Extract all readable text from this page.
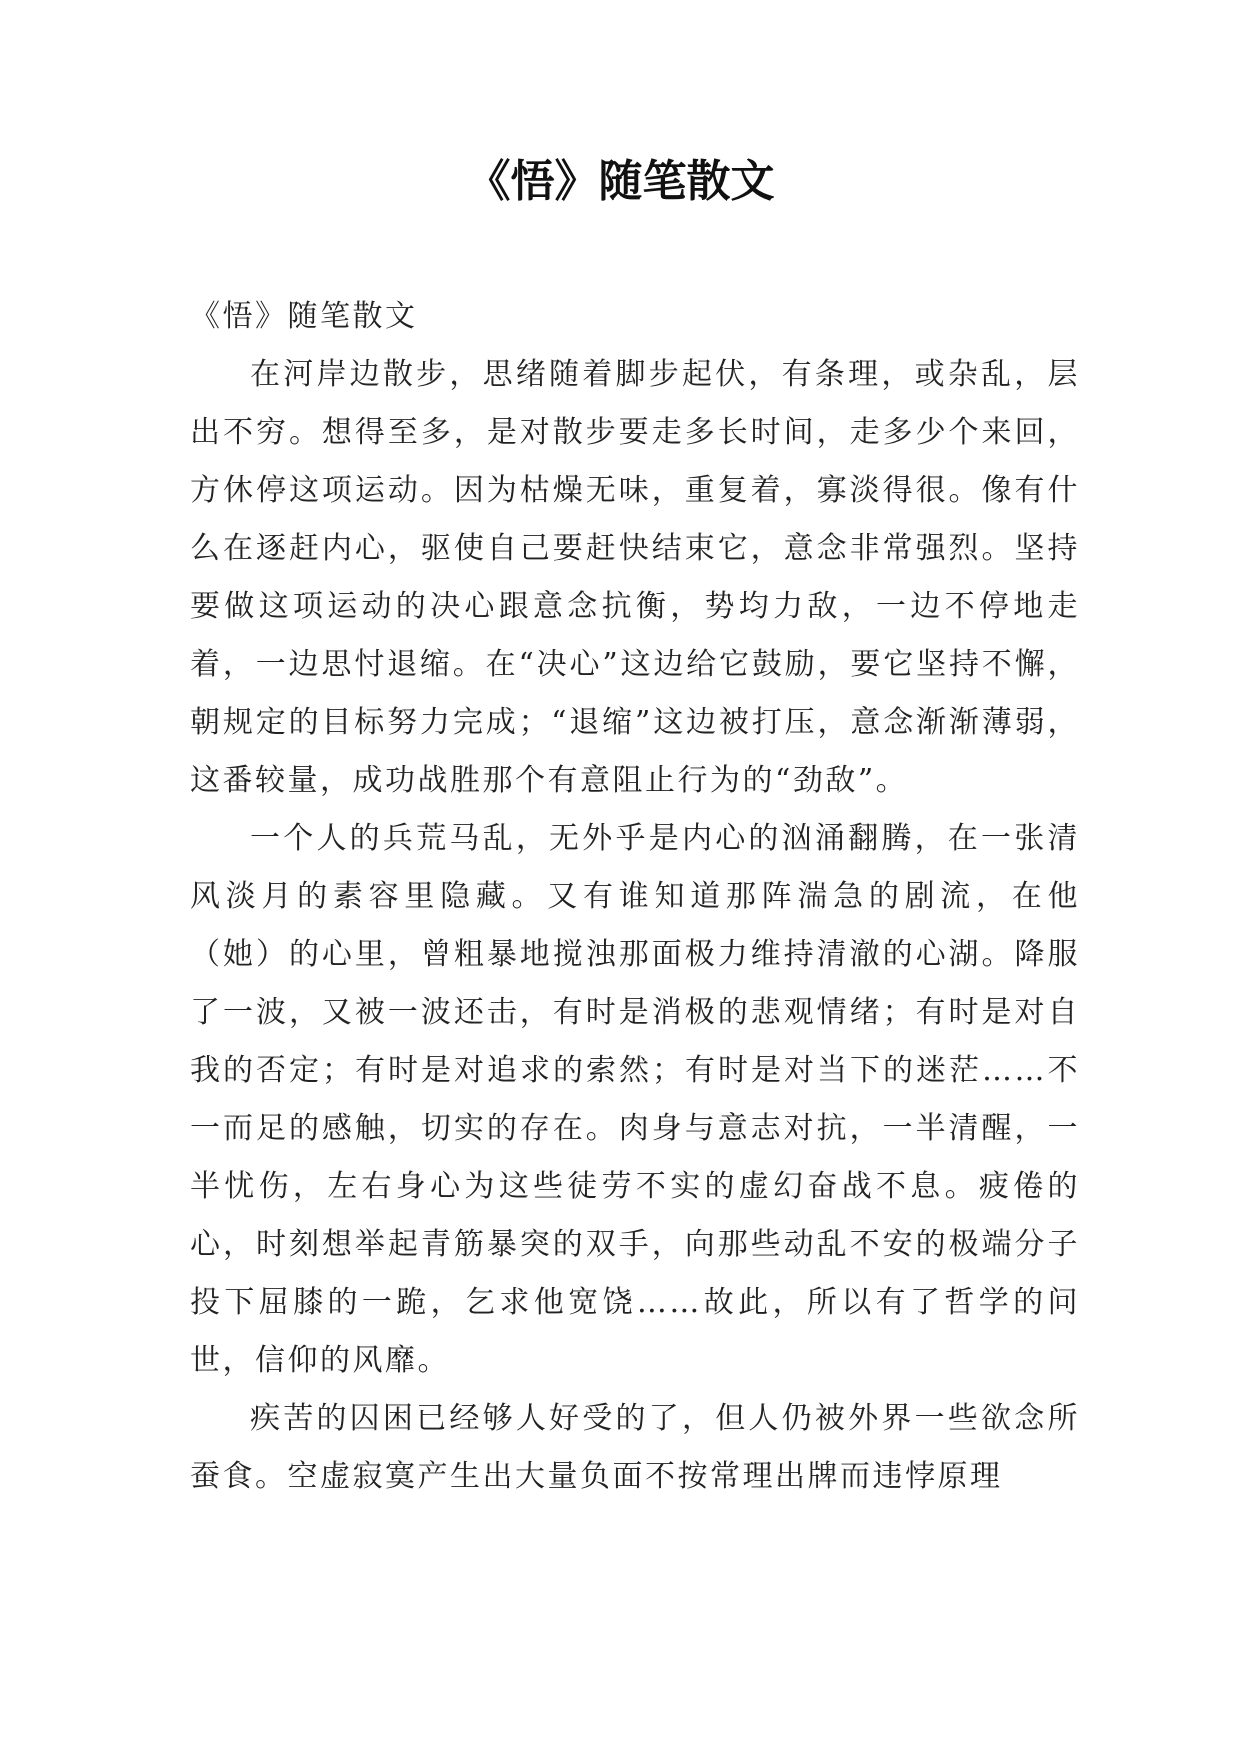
《悟》随笔散文

《悟》随笔散文

在河岸边散步，思绪随着脚步起伏，有条理，或杂乱，层出不穷。想得至多，是对散步要走多长时间，走多少个来回，方休停这项运动。因为枯燥无味，重复着，寡淡得很。像有什么在逐赶内心，驱使自己要赶快结束它，意念非常强烈。坚持要做这项运动的决心跟意念抗衡，势均力敌，一边不停地走着，一边思忖退缩。在“决心”这边给它鼓励，要它坚持不懈，朝规定的目标努力完成；“退缩”这边被打压，意念渐渐薄弱，这番较量，成功战胜那个有意阻止行为的“劲敌”。

一个人的兵荒马乱，无外乎是内心的汹涌翻腾，在一张清风淡月的素容里隐藏。又有谁知道那阵湍急的剧流，在他（她）的心里，曾粗暴地搅浊那面极力维持清澈的心湖。降服了一波，又被一波还击，有时是消极的悲观情绪；有时是对自我的否定；有时是对追求的索然；有时是对当下的迷茫……不一而足的感触，切实的存在。肉身与意志对抗，一半清醒，一半忧伤，左右身心为这些徒劳不实的虚幻奋战不息。疲倦的心，时刻想举起青筋暴突的双手，向那些动乱不安的极端分子投下屈膝的一跪，乞求他宽饶……故此，所以有了哲学的问世，信仰的风靡。

疾苦的囚困已经够人好受的了，但人仍被外界一些欲念所蚕食。空虚寂寞产生出大量负面不按常理出牌而违悖原理
